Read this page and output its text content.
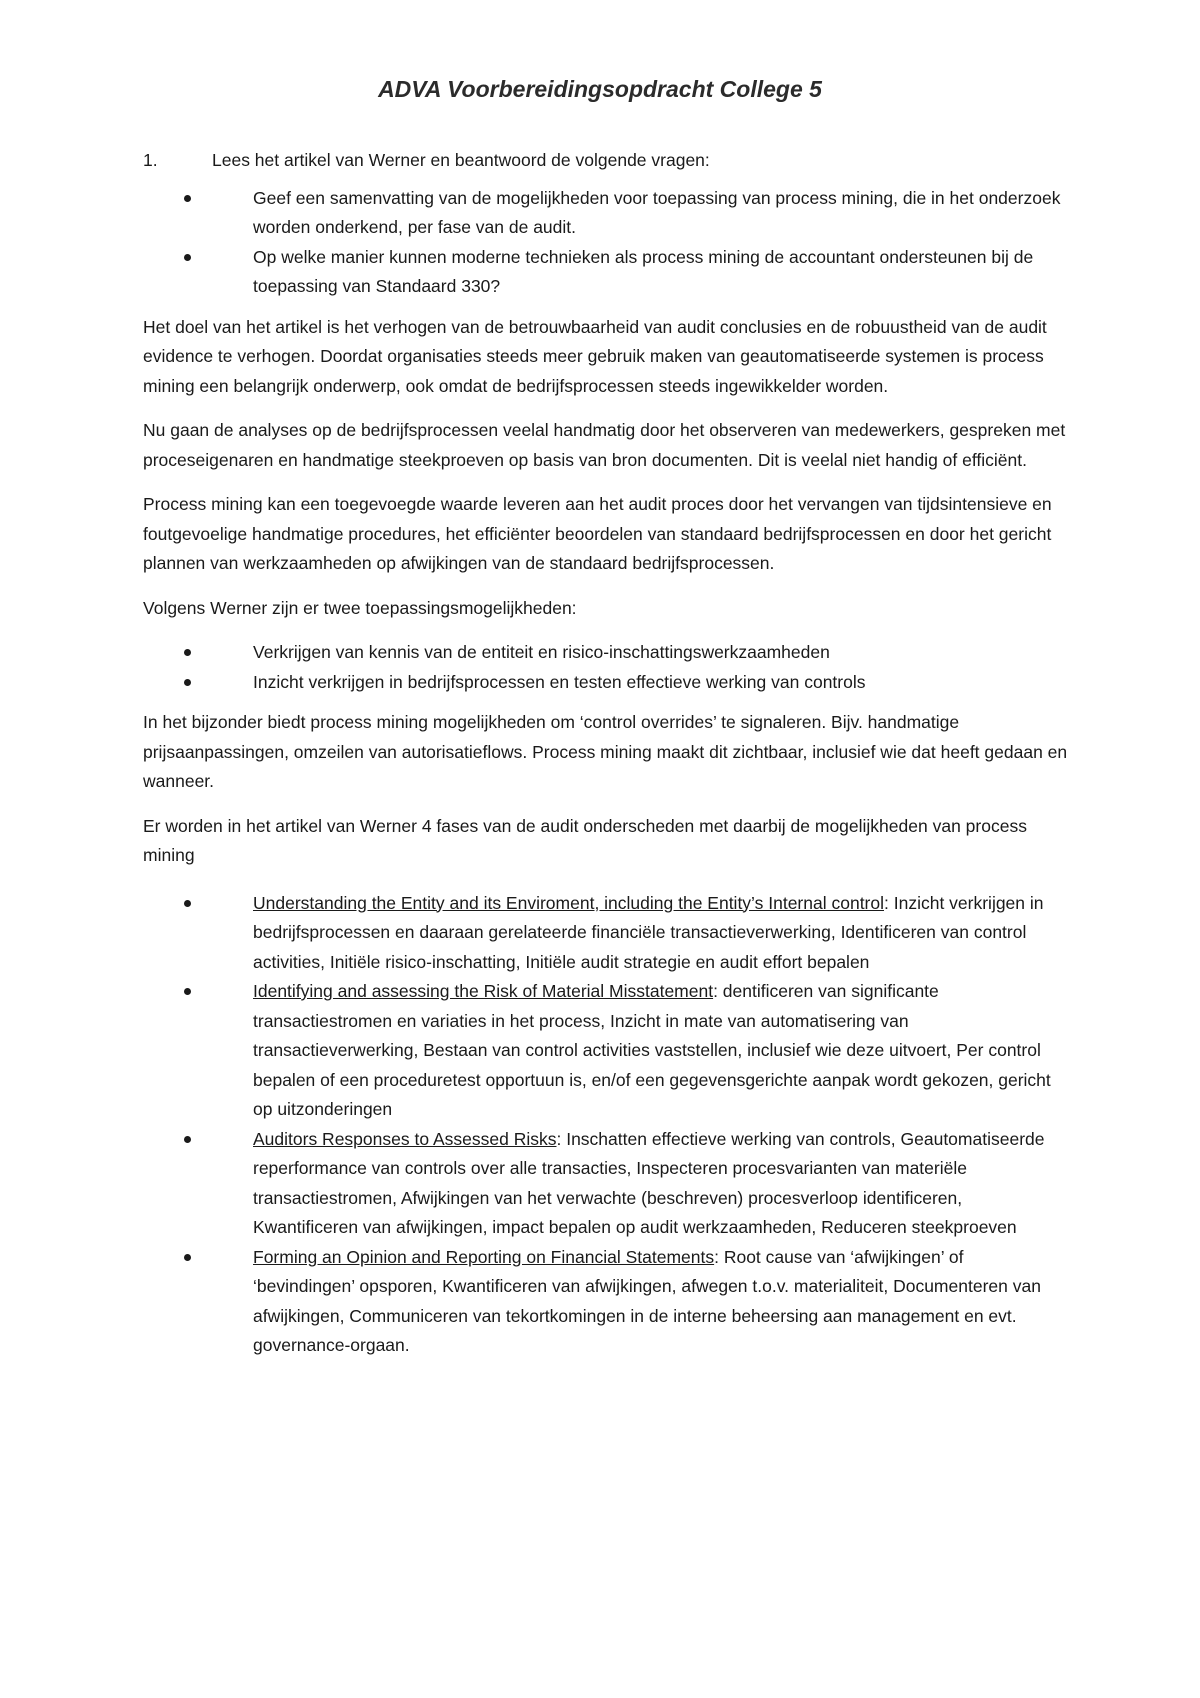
ADVA Voorbereidingsopdracht College 5
1.	Lees het artikel van Werner en beantwoord de volgende vragen:
Geef een samenvatting van de mogelijkheden voor toepassing van process mining, die in het onderzoek worden onderkend, per fase van de audit.
Op welke manier kunnen moderne technieken als process mining de accountant ondersteunen bij de toepassing van Standaard 330?

Het doel van het artikel is het verhogen van de betrouwbaarheid van audit conclusies en de robuustheid van de audit evidence te verhogen. Doordat organisaties steeds meer gebruik maken van geautomatiseerde systemen is process mining een belangrijk onderwerp, ook omdat de bedrijfsprocessen steeds ingewikkelder worden.

Nu gaan de analyses op de bedrijfsprocessen veelal handmatig door het observeren van medewerkers, gespreken met proceseigenaren en handmatige steekproeven op basis van bron documenten. Dit is veelal niet handig of efficiënt.

Process mining kan een toegevoegde waarde leveren aan het audit proces door het vervangen van tijdsintensieve en foutgevoelige handmatige procedures, het efficiënter beoordelen van standaard bedrijfsprocessen en door het gericht plannen van werkzaamheden op afwijkingen van de standaard bedrijfsprocessen.

Volgens Werner zijn er twee toepassingsmogelijkheden:

Verkrijgen van kennis van de entiteit en risico-inschattingswerkzaamheden
Inzicht verkrijgen in bedrijfsprocessen en testen effectieve werking van controls

In het bijzonder biedt process mining mogelijkheden om ‘control overrides’ te signaleren. Bijv. handmatige prijsaanpassingen, omzeilen van autorisatieflows. Process mining maakt dit zichtbaar, inclusief wie dat heeft gedaan en wanneer.

Er worden in het artikel van Werner 4 fases van de audit onderscheden met daarbij de mogelijkheden van process mining

Understanding the Entity and its Enviroment, including the Entity’s Internal control: Inzicht verkrijgen in bedrijfsprocessen en daaraan gerelateerde financiële transactieverwerking, Identificeren van control activities, Initiële risico-inschatting, Initiële audit strategie en audit effort bepalen
Identifying and assessing the Risk of Material Misstatement: dentificeren van significante transactiestromen en variaties in het process, Inzicht in mate van automatisering van transactieverwerking, Bestaan van control activities vaststellen, inclusief wie deze uitvoert, Per control bepalen of een proceduretest opportuun is, en/of een gegevensgerichte aanpak wordt gekozen, gericht op uitzonderingen
Auditors Responses to Assessed Risks: Inschatten effectieve werking van controls, Geautomatiseerde reperformance van controls over alle transacties, Inspecteren procesvarianten van materiële transactiestromen, Afwijkingen van het verwachte (beschreven) procesverloop identificeren, Kwantificeren van afwijkingen, impact bepalen op audit werkzaamheden, Reduceren steekproeven
Forming an Opinion and Reporting on Financial Statements: Root cause van ‘afwijkingen’ of ‘bevindingen’ opsporen, Kwantificeren van afwijkingen, afwegen t.o.v. materialiteit, Documenteren van afwijkingen, Communiceren van tekortkomingen in de interne beheersing aan management en evt. governance-orgaan.
